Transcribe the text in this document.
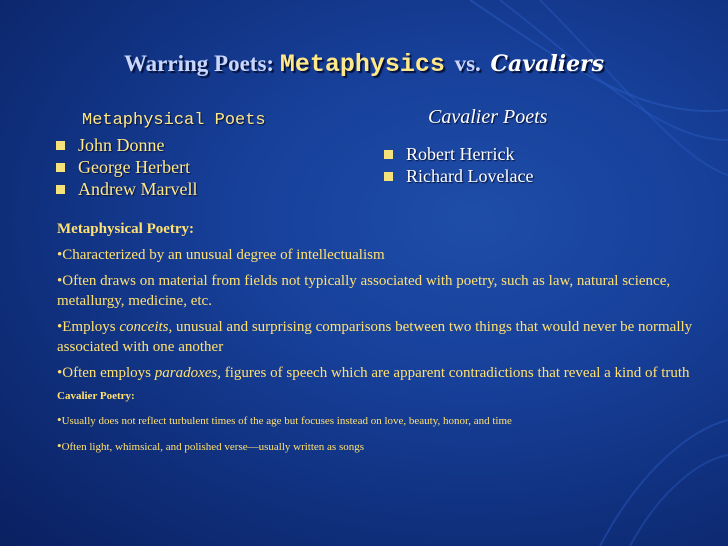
Warring Poets: Metaphysics vs. Cavaliers
Metaphysical Poets
John Donne
George Herbert
Andrew Marvell
Cavalier Poets
Robert Herrick
Richard Lovelace

Metaphysical Poetry:

•Characterized by an unusual degree of intellectualism

•Often draws on material from fields not typically associated with poetry, such as law, natural science, metallurgy, medicine, etc.

•Employs conceits, unusual and surprising comparisons between two things that would never be normally associated with one another

•Often employs paradoxes, figures of speech which are apparent contradictions that reveal a kind of truth

Cavalier Poetry:

•Usually does not reflect turbulent times of the age but focuses instead on love, beauty, honor, and time

•Often light, whimsical, and polished verse—usually written as songs
